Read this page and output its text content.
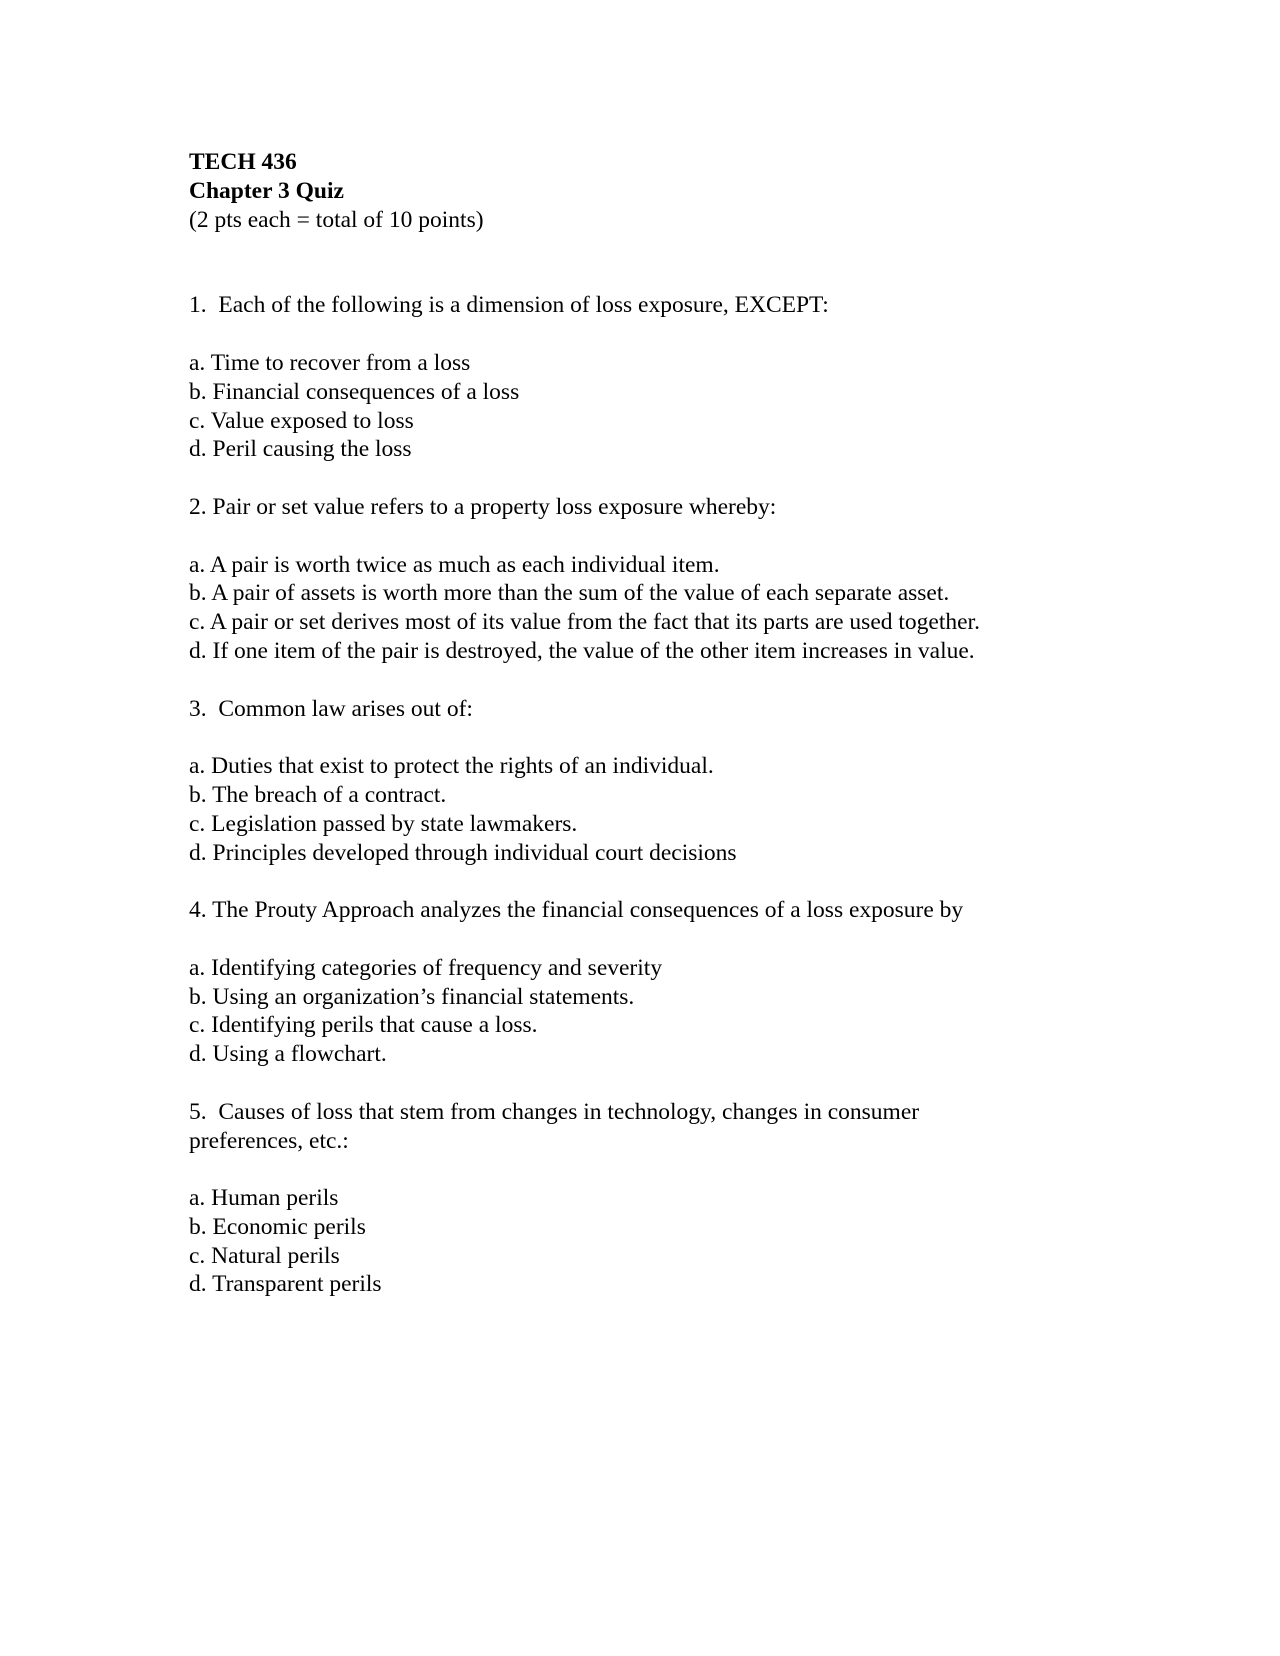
TECH 436
Chapter 3 Quiz
(2 pts each = total of 10 points)
1.  Each of the following is a dimension of loss exposure, EXCEPT:
a. Time to recover from a loss
b. Financial consequences of a loss
c. Value exposed to loss
d. Peril causing the loss
2. Pair or set value refers to a property loss exposure whereby:
a. A pair is worth twice as much as each individual item.
b. A pair of assets is worth more than the sum of the value of each separate asset.
c. A pair or set derives most of its value from the fact that its parts are used together.
d. If one item of the pair is destroyed, the value of the other item increases in value.
3.  Common law arises out of:
a. Duties that exist to protect the rights of an individual.
b. The breach of a contract.
c. Legislation passed by state lawmakers.
d. Principles developed through individual court decisions
4. The Prouty Approach analyzes the financial consequences of a loss exposure by
a. Identifying categories of frequency and severity
b. Using an organization’s financial statements.
c. Identifying perils that cause a loss.
d. Using a flowchart.
5.  Causes of loss that stem from changes in technology, changes in consumer
preferences, etc.:
a. Human perils
b. Economic perils
c. Natural perils
d. Transparent perils
